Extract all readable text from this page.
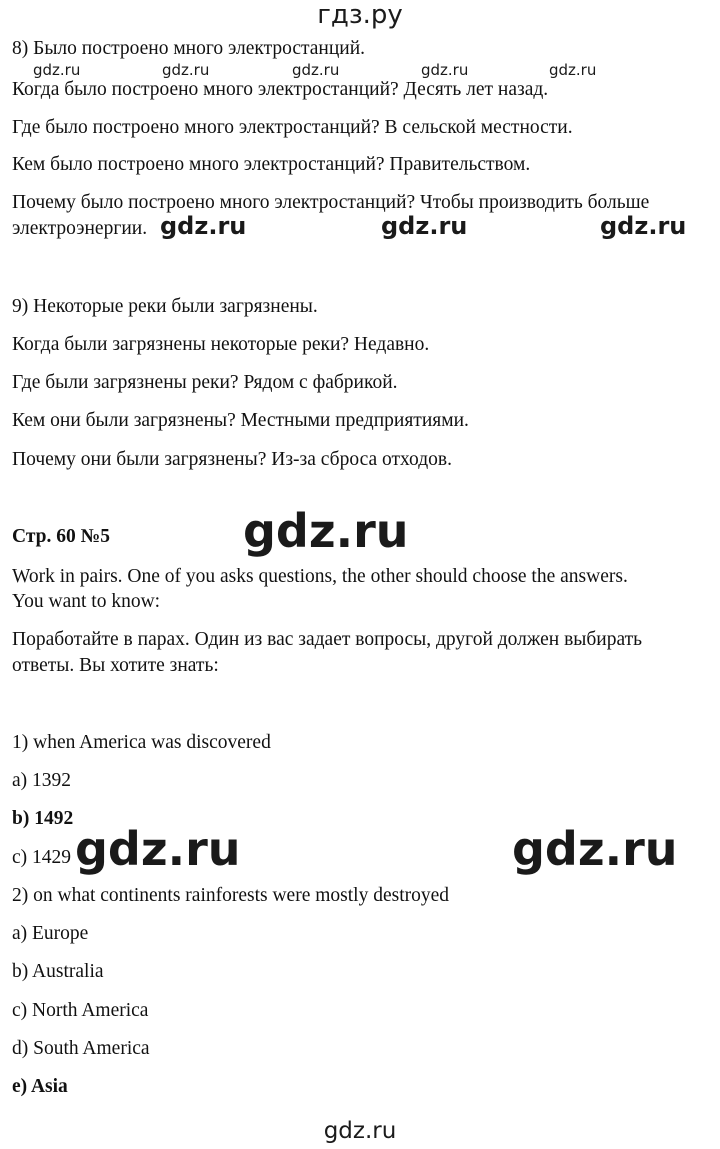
гдз.ру
8) Было построено много электростанций.
Когда было построено много электростанций? Десять лет назад.
Где было построено много электростанций? В сельской местности.
Кем было построено много электростанций? Правительством.
Почему было построено много электростанций? Чтобы производить больше
электроэнергии.
9) Некоторые реки были загрязнены.
Когда были загрязнены некоторые реки? Недавно.
Где были загрязнены реки? Рядом с фабрикой.
Кем они были загрязнены? Местными предприятиями.
Почему они были загрязнены? Из-за сброса отходов.
Стр. 60 №5
Work in pairs. One of you asks questions, the other should choose the answers.
You want to know:
Поработайте в парах. Один из вас задает вопросы, другой должен выбирать
ответы. Вы хотите знать:
1) when America was discovered
a) 1392
b) 1492
c) 1429
2) on what continents rainforests were mostly destroyed
a) Europe
b) Australia
c) North America
d) South America
e) Asia
gdz.ru	gdz.ru	gdz.ru	gdz.ru	gdz.ru
gdz.ru	gdz.ru	gdz.ru
gdz.ru
gdz.ru	gdz.ru
gdz.ru
